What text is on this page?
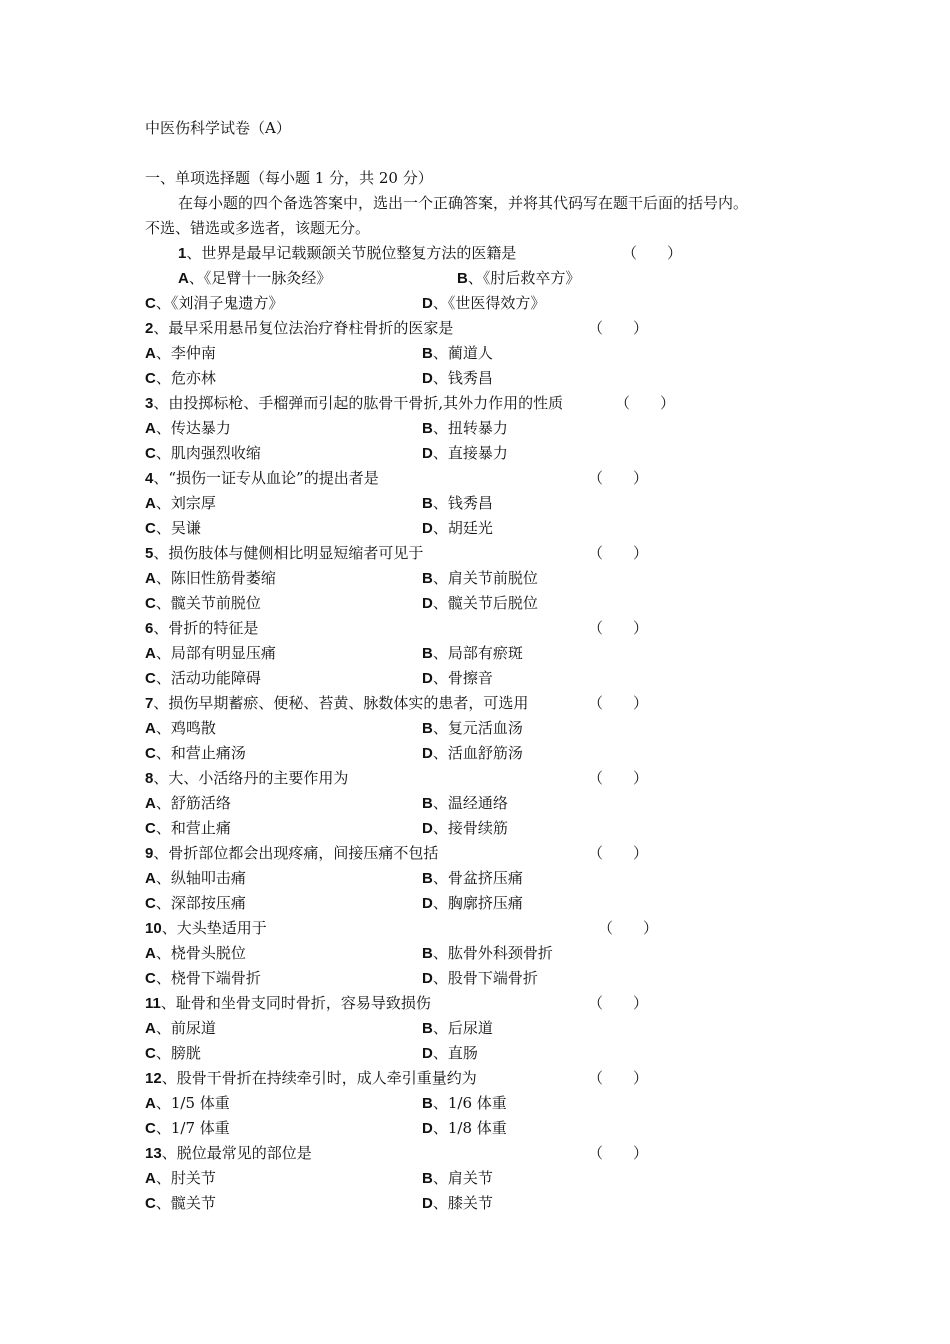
中医伤科学试卷（A）
一、单项选择题（每小题 1 分，共 20 分）
在每小题的四个备选答案中，选出一个正确答案，并将其代码写在题干后面的括号内。
不选、错选或多选者，该题无分。
1、世界是最早记载颞颌关节脱位整复方法的医籍是	（　　）
A、《足臂十一脉灸经》	B、《肘后救卒方》
C、《刘涓子鬼遗方》	D、《世医得效方》
2、最早采用悬吊复位法治疗脊柱骨折的医家是	（　　）
A、李仲南	B、蔺道人
C、危亦林	D、钱秀昌
3、由投掷标枪、手榴弹而引起的肱骨干骨折,其外力作用的性质	（　　）
A、传达暴力	B、扭转暴力
C、肌肉强烈收缩	D、直接暴力
4、“损伤一证专从血论”的提出者是	（　　）
A、刘宗厚	B、钱秀昌
C、吴谦	D、胡廷光
5、损伤肢体与健侧相比明显短缩者可见于	（　　）
A、陈旧性筋骨萎缩	B、肩关节前脱位
C、髋关节前脱位	D、髋关节后脱位
6、骨折的特征是	（　　）
A、局部有明显压痛	B、局部有瘀斑
C、活动功能障碍	D、骨擦音
7、损伤早期蓄瘀、便秘、苔黄、脉数体实的患者，可选用	（　　）
A、鸡鸣散	B、复元活血汤
C、和营止痛汤	D、活血舒筋汤
8、大、小活络丹的主要作用为	（　　）
A、舒筋活络	B、温经通络
C、和营止痛	D、接骨续筋
9、骨折部位都会出现疼痛，间接压痛不包括	（　　）
A、纵轴叩击痛	B、骨盆挤压痛
C、深部按压痛	D、胸廓挤压痛
10、大头垫适用于	（　　）
A、桡骨头脱位	B、肱骨外科颈骨折
C、桡骨下端骨折	D、股骨下端骨折
11、耻骨和坐骨支同时骨折，容易导致损伤	（　　）
A、前尿道	B、后尿道
C、膀胱	D、直肠
12、股骨干骨折在持续牵引时，成人牵引重量约为	（　　）
A、1/5 体重	B、1/6 体重
C、1/7 体重	D、1/8 体重
13、脱位最常见的部位是	（　　）
A、肘关节	B、肩关节
C、髋关节	D、膝关节
